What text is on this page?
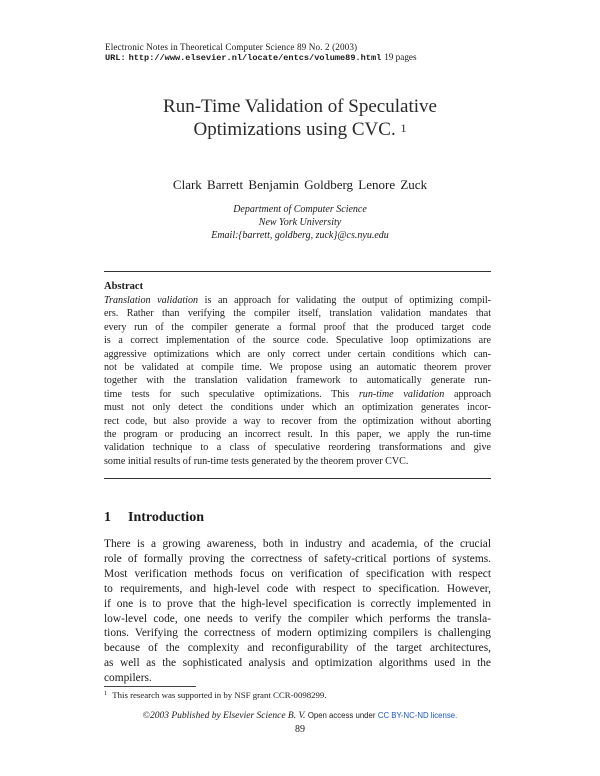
Electronic Notes in Theoretical Computer Science 89 No. 2 (2003)
URL: http://www.elsevier.nl/locate/entcs/volume89.html 19 pages
Run-Time Validation of Speculative
Optimizations using CVC. $^1$
Clark Barrett Benjamin Goldberg Lenore Zuck
Department of Computer Science
New York University
Email:{barrett, goldberg, zuck}@cs.nyu.edu
Abstract
Translation validation is an approach for validating the output of optimizing compil-
ers. Rather than verifying the compiler itself, translation validation mandates that
every run of the compiler generate a formal proof that the produced target code
is a correct implementation of the source code. Speculative loop optimizations are
aggressive optimizations which are only correct under certain conditions which can-
not be validated at compile time. We propose using an automatic theorem prover
together with the translation validation framework to automatically generate run-
time tests for such speculative optimizations. This run-time validation approach
must not only detect the conditions under which an optimization generates incor-
rect code, but also provide a way to recover from the optimization without aborting
the program or producing an incorrect result. In this paper, we apply the run-time
validation technique to a class of speculative reordering transformations and give
some initial results of run-time tests generated by the theorem prover CVC.
1 Introduction
There is a growing awareness, both in industry and academia, of the crucial
role of formally proving the correctness of safety-critical portions of systems.
Most verification methods focus on verification of specification with respect
to requirements, and high-level code with respect to specification. However,
if one is to prove that the high-level specification is correctly implemented in
low-level code, one needs to verify the compiler which performs the transla-
tions. Verifying the correctness of modern optimizing compilers is challenging
because of the complexity and reconfigurability of the target architectures,
as well as the sophisticated analysis and optimization algorithms used in the
compilers.
$^1$ This research was supported in by NSF grant CCR-0098299.
©2003 Published by Elsevier Science B. V. Open access under CC BY-NC-ND license.
89
